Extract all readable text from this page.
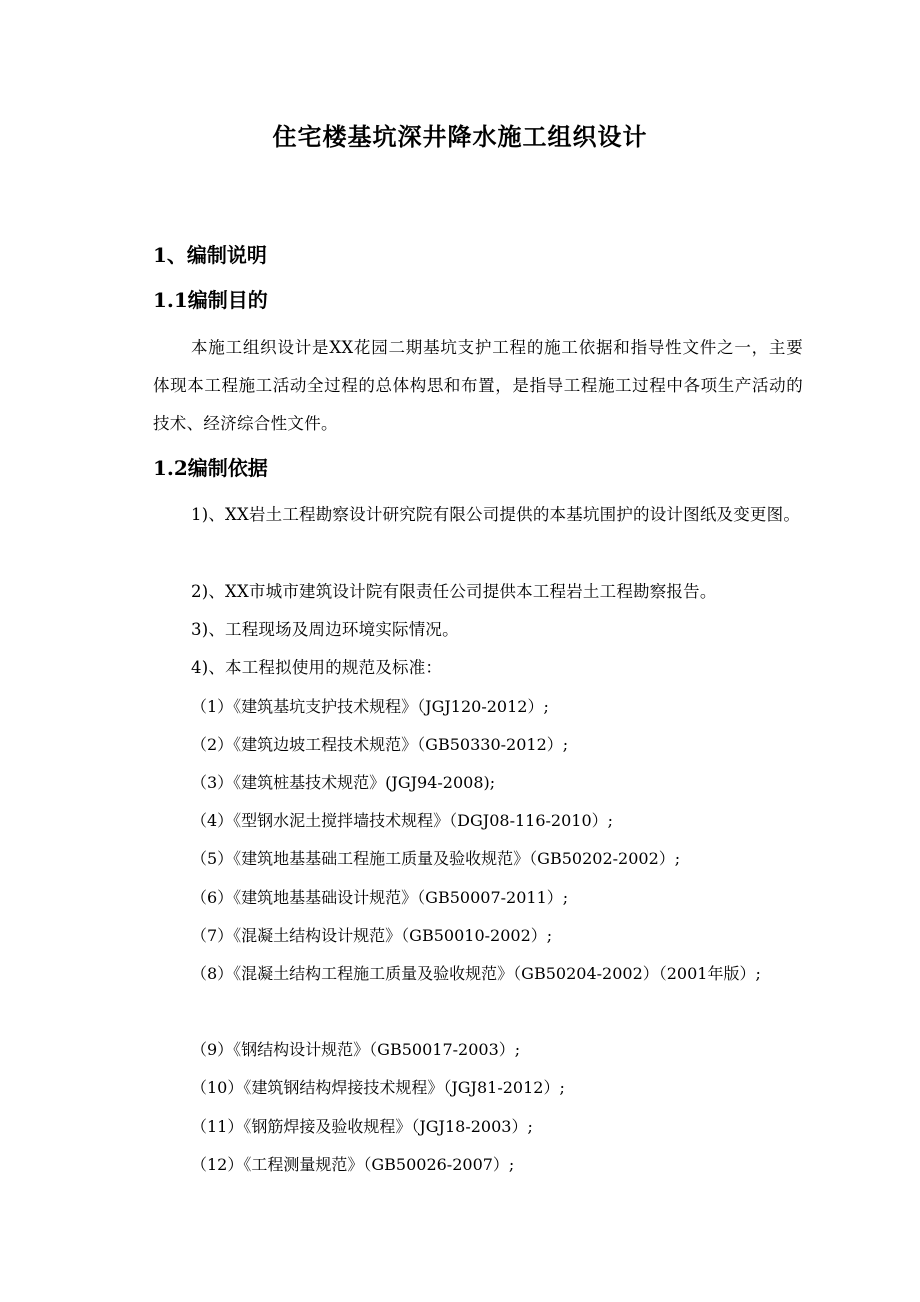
住宅楼基坑深井降水施工组织设计
1、编制说明
1.1编制目的

本施工组织设计是XX花园二期基坑支护工程的施工依据和指导性文件之一，主要体现本工程施工活动全过程的总体构思和布置，是指导工程施工过程中各项生产活动的技术、经济综合性文件。

1.2编制依据

1)、XX岩土工程勘察设计研究院有限公司提供的本基坑围护的设计图纸及变更图。

2)、XX市城市建筑设计院有限责任公司提供本工程岩土工程勘察报告。

3)、工程现场及周边环境实际情况。

4)、本工程拟使用的规范及标准：

（1）《建筑基坑支护技术规程》（JGJ120-2012）;

（2）《建筑边坡工程技术规范》（GB50330-2012）;

（3）《建筑桩基技术规范》(JGJ94-2008);

（4）《型钢水泥土搅拌墙技术规程》（DGJ08-116-2010）;

（5）《建筑地基基础工程施工质量及验收规范》（GB50202-2002）;

（6）《建筑地基基础设计规范》（GB50007-2011）;

（7）《混凝土结构设计规范》（GB50010-2002）;

（8）《混凝土结构工程施工质量及验收规范》（GB50204-2002）（2001年版）;

（9）《钢结构设计规范》（GB50017-2003）;

（10）《建筑钢结构焊接技术规程》（JGJ81-2012）;

（11）《钢筋焊接及验收规程》（JGJ18-2003）;

（12）《工程测量规范》（GB50026-2007）;
